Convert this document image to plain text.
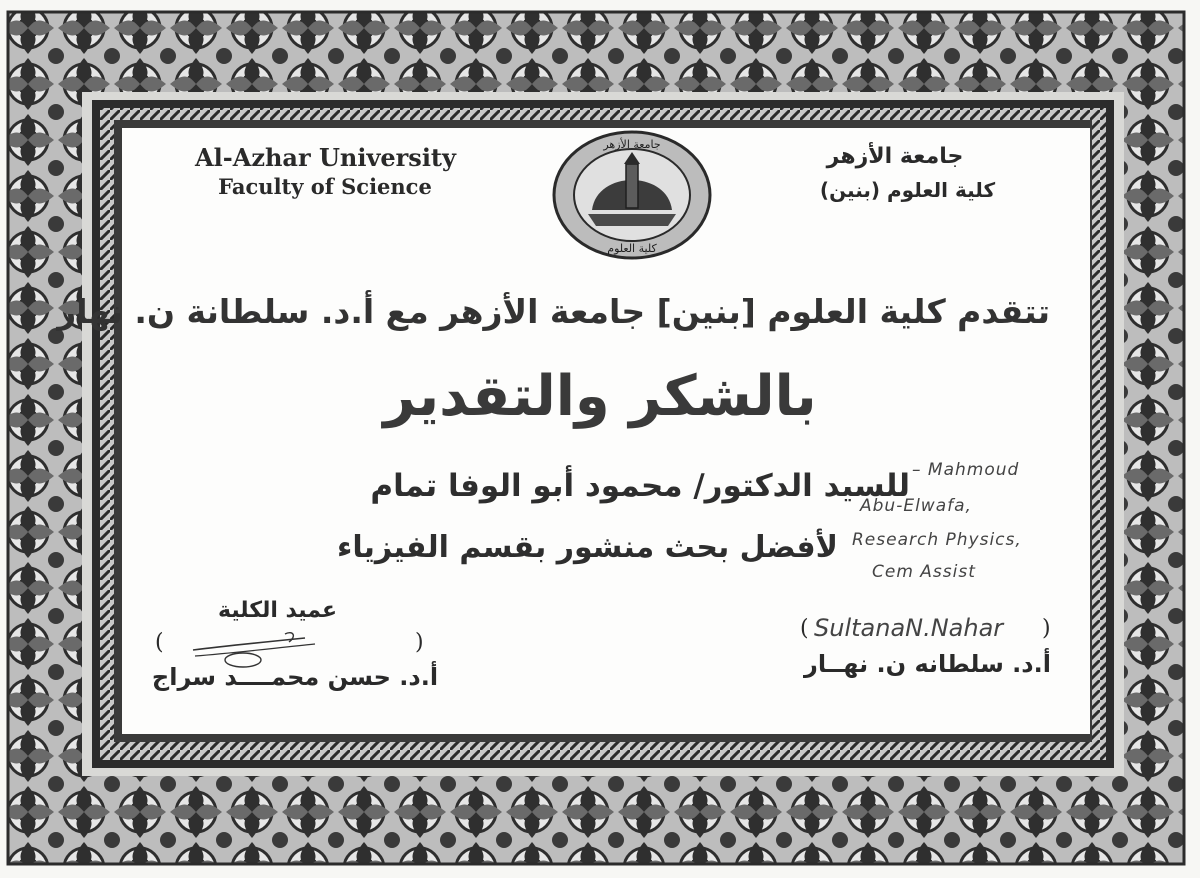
Al-Azhar University
Faculty of Science
جامعة الأزهر
كلية العلوم
جامعة الأزهر
كلية العلوم (بنين)
تتقدم كلية العلوم [بنين] جامعة الأزهر مع أ.د. سلطانة ن. نهار
بالشكر والتقدير
للسيد الدكتور/ محمود أبو الوفا تمام
لأفضل بحث منشور بقسم الفيزياء
– Mahmoud
Abu-Elwafa,
Research Physics,
Cem Assist
عميد الكلية
(	)
أ.د. حسن محمــــد سراج
( SultanaN.Nahar )
أ.د. سلطانه ن. نهــار
